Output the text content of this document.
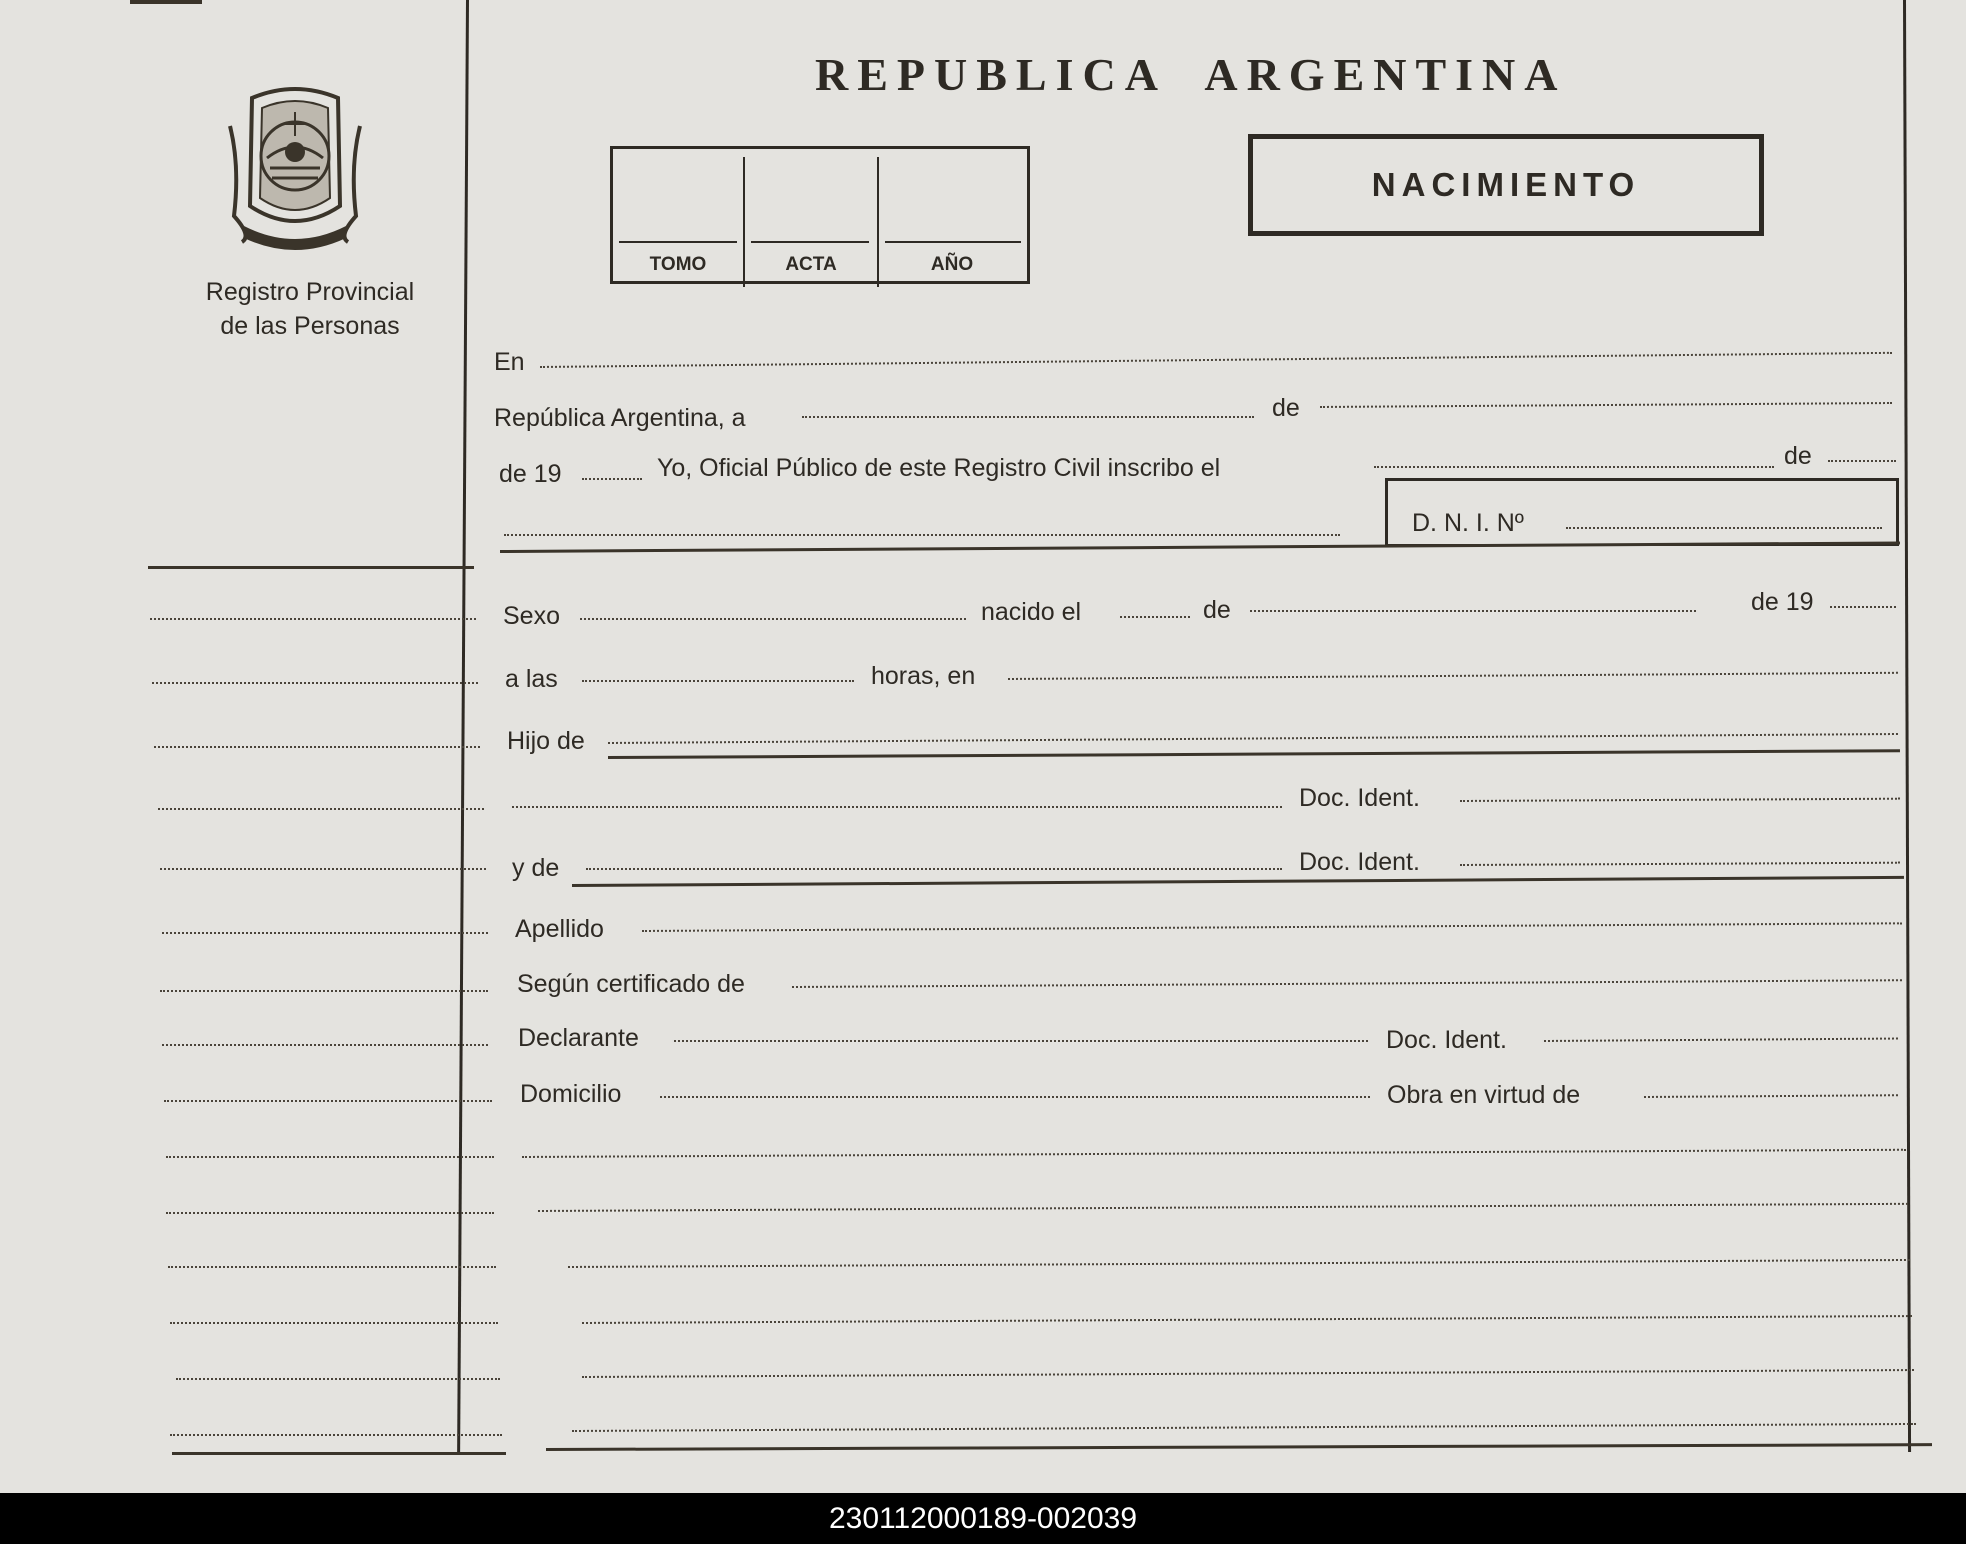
Registro Provincial
de las Personas
REPUBLICA ARGENTINA
TOMO	ACTA	AÑO
NACIMIENTO
En
República Argentina, a	de
de 19	Yo, Oficial Público de este Registro Civil inscribo el	de
D. N. I. Nº
Sexo	nacido el	de	de 19
a las	horas, en
Hijo de
Doc. Ident.
y de	Doc. Ident.
Apellido
Según certificado de
Declarante	Doc. Ident.
Domicilio	Obra en virtud de
230112000189-002039
